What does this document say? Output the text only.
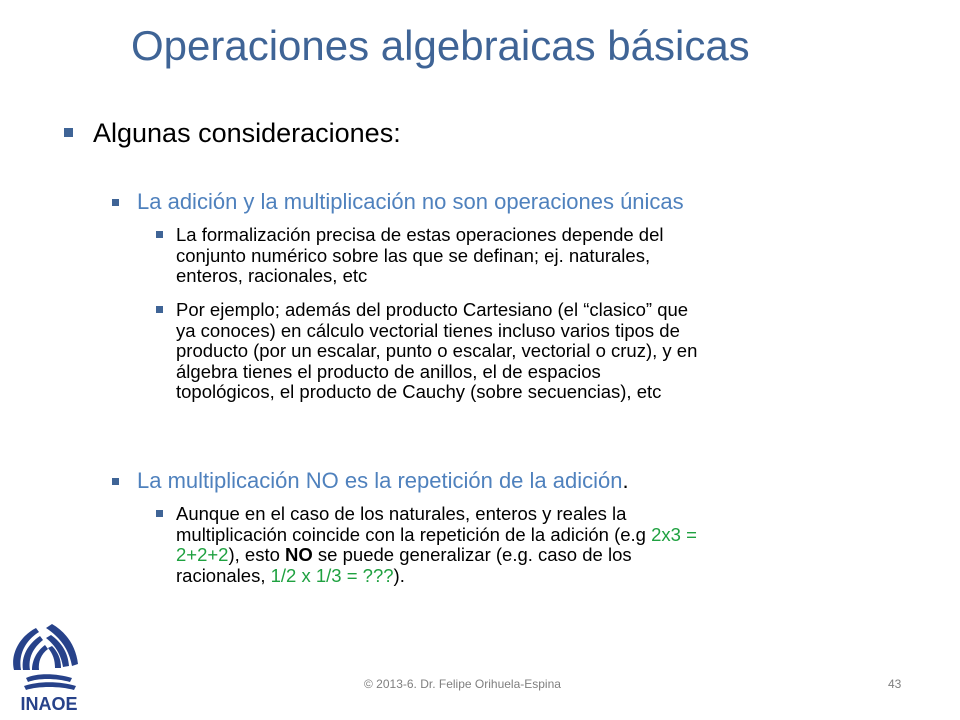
Operaciones algebraicas básicas
Algunas consideraciones:
La adición y la multiplicación no son operaciones únicas

La formalización precisa de estas operaciones depende del

conjunto numérico sobre las que se definan; ej. naturales,

enteros, racionales, etc

Por ejemplo; además del producto Cartesiano (el “clasico” que

ya conoces) en cálculo vectorial tienes incluso varios tipos de

producto (por un escalar, punto o escalar, vectorial o cruz), y en

álgebra tienes el producto de anillos, el de espacios

topológicos, el producto de Cauchy (sobre secuencias), etc

La multiplicación NO es la repetición de la adición.

Aunque en el caso de los naturales, enteros y reales la

multiplicación coincide con la repetición de la adición (e.g 2x3 =

2+2+2), esto NO se puede generalizar (e.g. caso de los

racionales, 1/2 x 1/3 = ???).

INAOE
© 2013-6. Dr. Felipe Orihuela-Espina	43
